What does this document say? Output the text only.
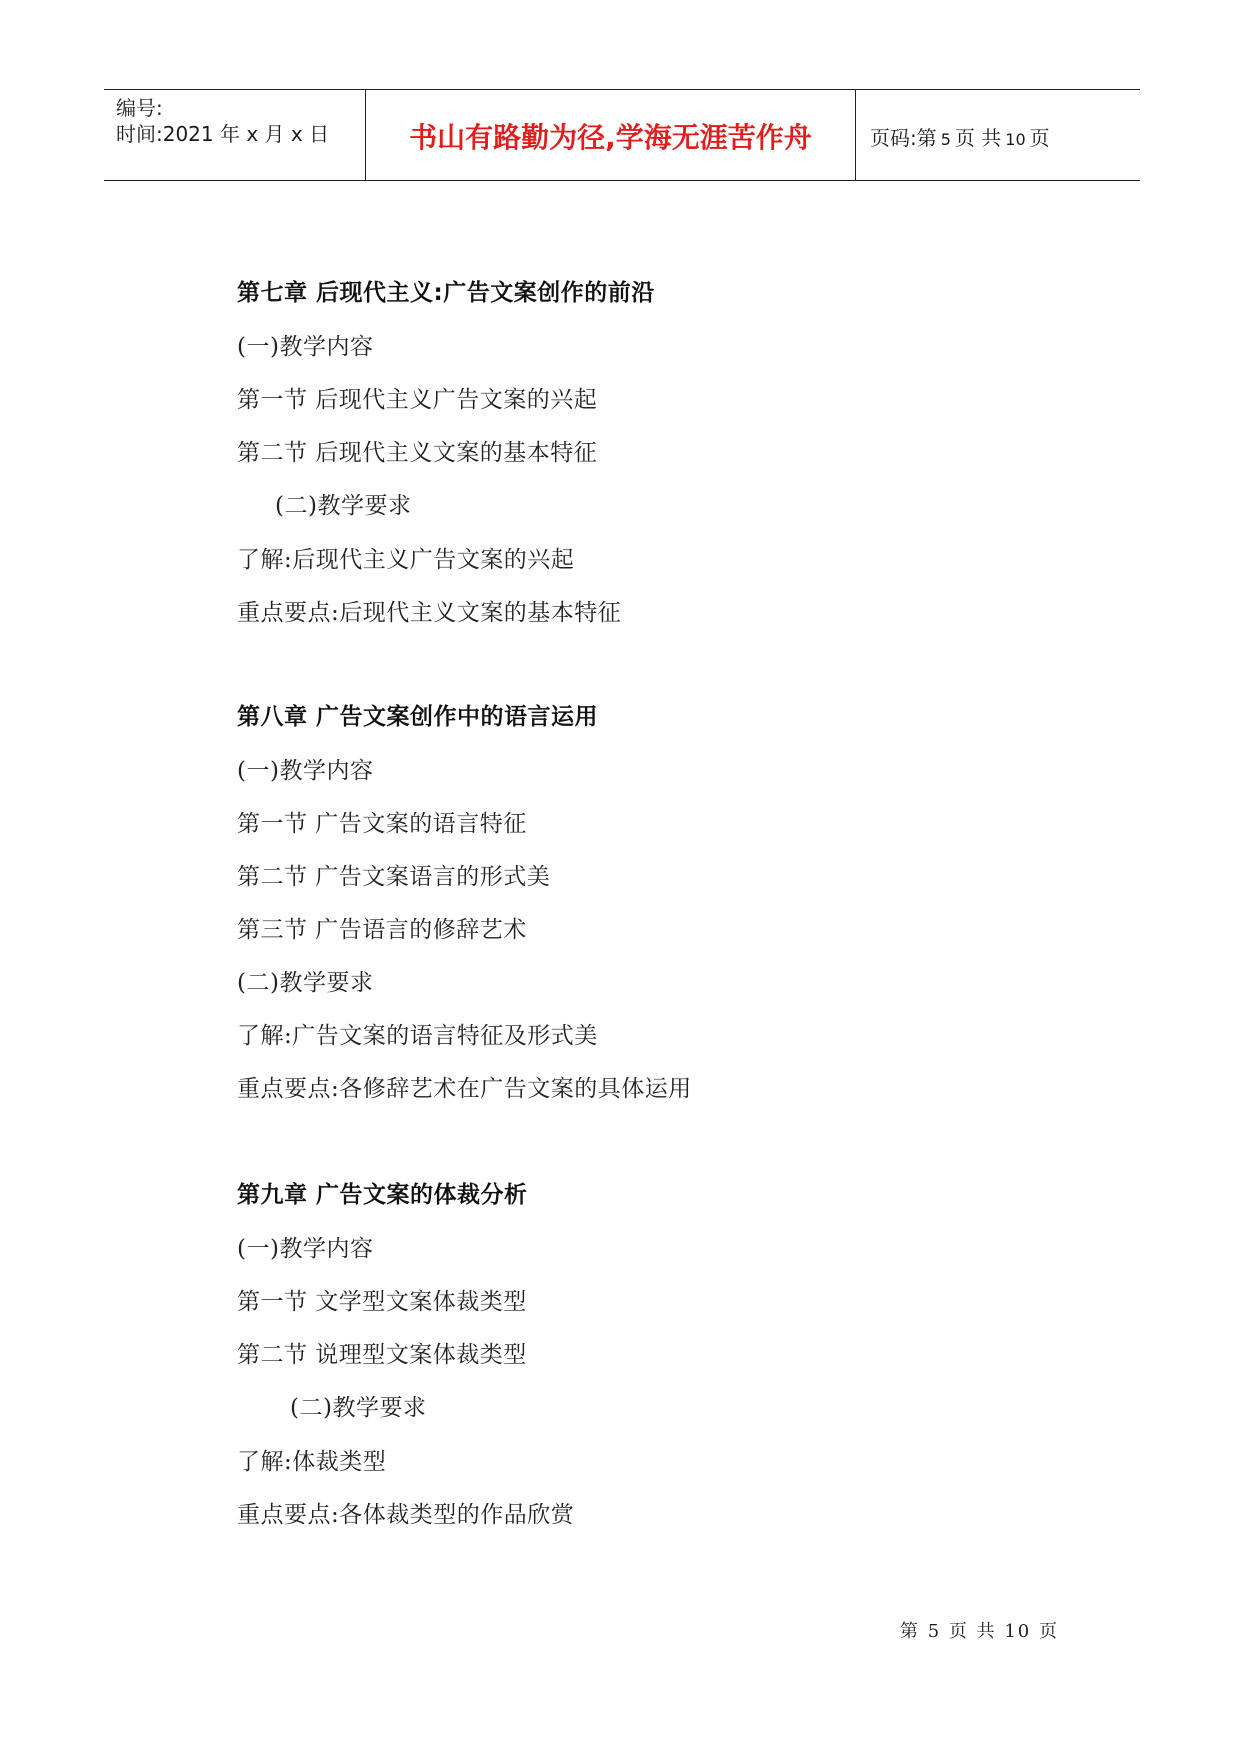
编号:
时间:2021 年 x 月 x 日	书山有路勤为径,学海无涯苦作舟	页码:第 5 页 共 10 页
第七章 后现代主义:广告文案创作的前沿
(一)教学内容
第一节 后现代主义广告文案的兴起
第二节 后现代主义文案的基本特征
(二)教学要求
了解:后现代主义广告文案的兴起
重点要点:后现代主义文案的基本特征
第八章 广告文案创作中的语言运用
(一)教学内容
第一节 广告文案的语言特征
第二节 广告文案语言的形式美
第三节 广告语言的修辞艺术
(二)教学要求
了解:广告文案的语言特征及形式美
重点要点:各修辞艺术在广告文案的具体运用
第九章 广告文案的体裁分析
(一)教学内容
第一节 文学型文案体裁类型
第二节 说理型文案体裁类型
(二)教学要求
了解:体裁类型
重点要点:各体裁类型的作品欣赏
第 5 页 共 10 页
